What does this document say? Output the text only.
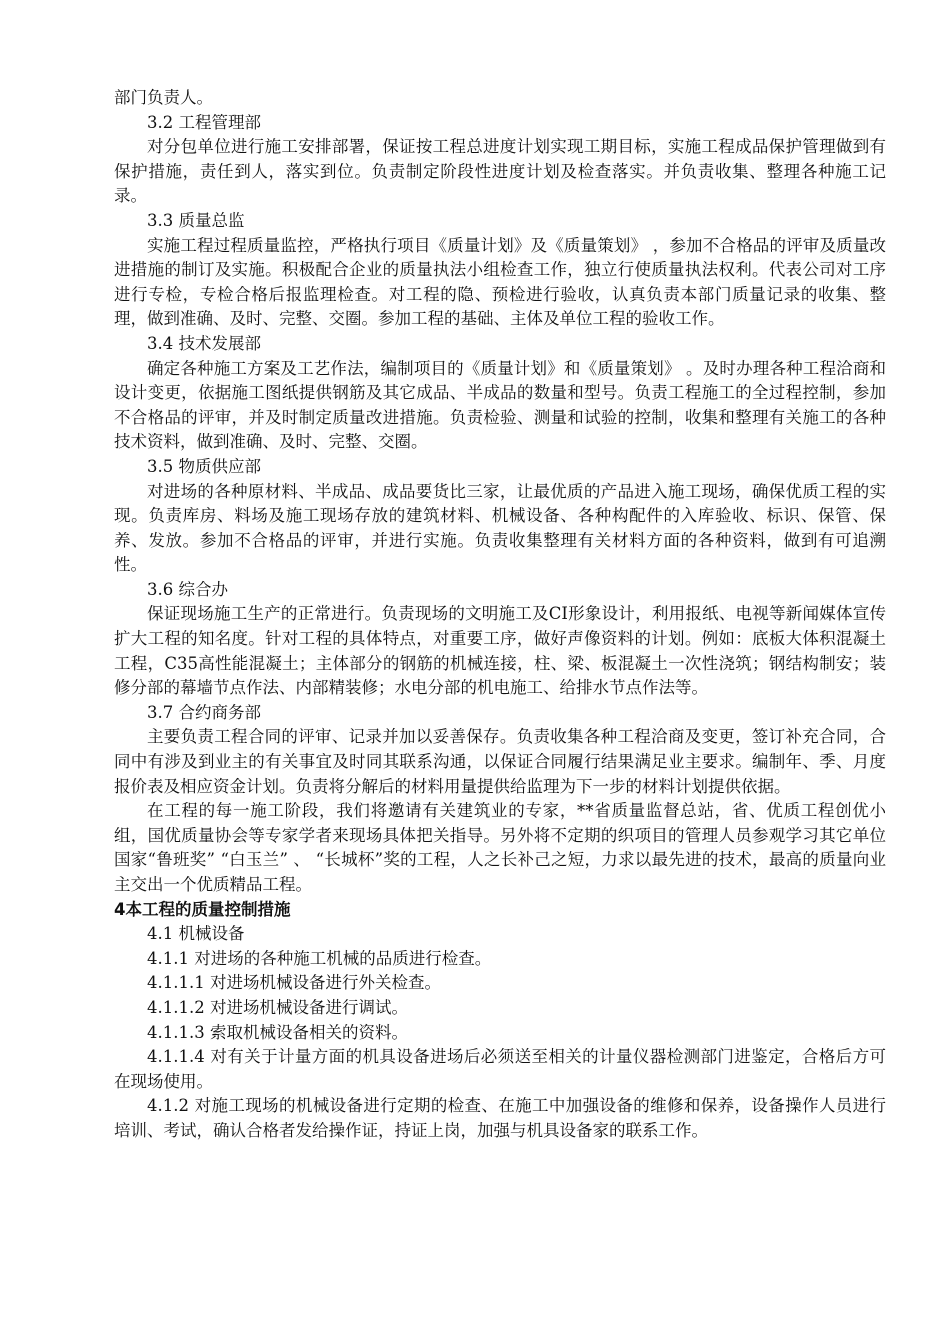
部门负责人。

3.2 工程管理部

对分包单位进行施工安排部署，保证按工程总进度计划实现工期目标，实施工程成品保护管理做到有保护措施，责任到人，落实到位。负责制定阶段性进度计划及检查落实。并负责收集、整理各种施工记录。

3.3 质量总监

实施工程过程质量监控，严格执行项目《质量计划》及《质量策划》 ，参加不合格品的评审及质量改进措施的制订及实施。积极配合企业的质量执法小组检查工作，独立行使质量执法权利。代表公司对工序进行专检，专检合格后报监理检查。对工程的隐、预检进行验收，认真负责本部门质量记录的收集、整理，做到准确、及时、完整、交圈。参加工程的基础、主体及单位工程的验收工作。

3.4 技术发展部

确定各种施工方案及工艺作法，编制项目的《质量计划》和《质量策划》 。及时办理各种工程洽商和设计变更，依据施工图纸提供钢筋及其它成品、半成品的数量和型号。负责工程施工的全过程控制，参加不合格品的评审，并及时制定质量改进措施。负责检验、测量和试验的控制，收集和整理有关施工的各种技术资料，做到准确、及时、完整、交圈。

3.5 物质供应部

对进场的各种原材料、半成品、成品要货比三家，让最优质的产品进入施工现场，确保优质工程的实现。负责库房、料场及施工现场存放的建筑材料、机械设备、各种构配件的入库验收、标识、保管、保养、发放。参加不合格品的评审，并进行实施。负责收集整理有关材料方面的各种资料，做到有可追溯性。

3.6 综合办

保证现场施工生产的正常进行。负责现场的文明施工及CI形象设计，利用报纸、电视等新闻媒体宣传扩大工程的知名度。针对工程的具体特点，对重要工序，做好声像资料的计划。例如：底板大体积混凝土工程，C35高性能混凝土；主体部分的钢筋的机械连接，柱、梁、板混凝土一次性浇筑；钢结构制安；装修分部的幕墙节点作法、内部精装修；水电分部的机电施工、给排水节点作法等。

3.7 合约商务部

主要负责工程合同的评审、记录并加以妥善保存。负责收集各种工程洽商及变更，签订补充合同，合同中有涉及到业主的有关事宜及时同其联系沟通，以保证合同履行结果满足业主要求。编制年、季、月度报价表及相应资金计划。负责将分解后的材料用量提供给监理为下一步的材料计划提供依据。

在工程的每一施工阶段，我们将邀请有关建筑业的专家，**省质量监督总站，省、优质工程创优小组，国优质量协会等专家学者来现场具体把关指导。另外将不定期的织项目的管理人员参观学习其它单位国家“鲁班奖” “白玉兰” 、 “长城杯”奖的工程，人之长补己之短，力求以最先进的技术，最高的质量向业主交出一个优质精品工程。

4本工程的质量控制措施

4.1 机械设备

4.1.1 对进场的各种施工机械的品质进行检查。

4.1.1.1 对进场机械设备进行外关检查。

4.1.1.2 对进场机械设备进行调试。

4.1.1.3 索取机械设备相关的资料。

4.1.1.4 对有关于计量方面的机具设备进场后必须送至相关的计量仪器检测部门进鉴定，合格后方可在现场使用。

4.1.2 对施工现场的机械设备进行定期的检查、在施工中加强设备的维修和保养，设备操作人员进行培训、考试，确认合格者发给操作证，持证上岗，加强与机具设备家的联系工作。
